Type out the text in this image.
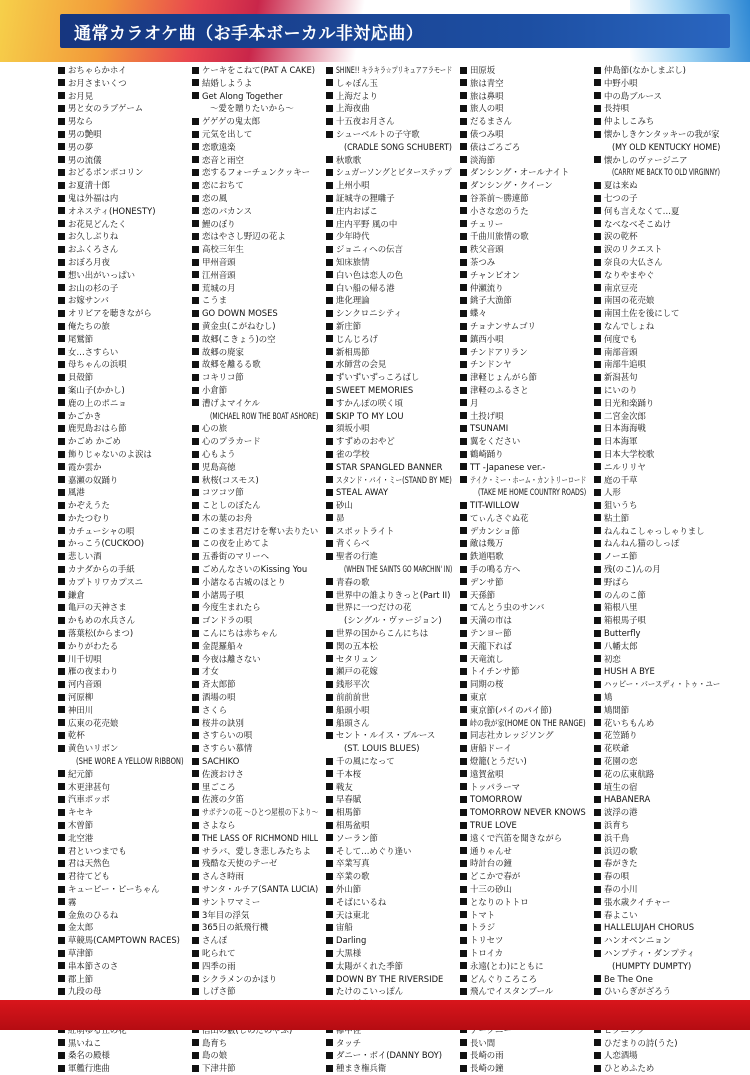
通常カラオケ曲（お手本ボーカル非対応曲）
おちゃらかホイ
お月さまいくつ
お月見
男と女のラブゲーム
男なら
男の艶唄
男の夢
男の流儀
おどるポンポコリン
お夏清十郎
鬼は外福は内
オネスティ(HONESTY)
お花見どんたく
お久しぶりね
おふくろさん
おぼろ月夜
想い出がいっぱい
お山の杉の子
お嫁サンバ
オリビアを聴きながら
俺たちの旅
尾鷲節
女…さすらい
母ちゃんの浜唄
貝殻節
案山子(かかし)
鹿の上のポニョ
かごかき
鹿児島おはら節
かごめ かごめ
飾りじゃないのよ涙は
霞か雲か
嘉瀬の奴踊り
風港
かぞえうた
かたつむり
カチューシャの唄
かっこう(CUCKOO)
悲しい酒
カナダからの手紙
カプトリワカプスニ
鎌倉
亀戸の天神さま
かもめの水兵さん
落葉松(からまつ)
かりがわたる
川千切唄
雁の夜まわり
河内音頭
河原柳
神田川
広東の花売娘
乾杯
黄色いリボン
(SHE WORE A YELLOW RIBBON)
紀元節
木更津甚句
汽車ポッポ
キセキ
木曽節
北空港
君といつまでも
君は天然色
君待てども
キューピー・ピーちゃん
霧
金魚のひるね
金太郎
草競馬(CAMPTOWN RACES)
草津節
串本節さのさ
郡上節
九段の母
黒いねこ
桑名の殿様
軍艦行進曲
ケーキをこねて(PAT A CAKE)
結婚しようよ
Get Along Together
〜愛を贈りたいから〜
ゲゲゲの鬼太郎
元気を出して
恋歌遠楽
恋音と雨空
恋するフォーチュンクッキー
恋におちて
恋の風
恋のバカンス
鯉のぼり
恋はやさし野辺の花よ
高校三年生
甲州音頭
江州音頭
荒城の月
こうま
GO DOWN MOSES
黄金虫(こがねむし)
故郷(こきょう)の空
故郷の廃家
故郷を離るる歌
コキリコ節
小倉節
漕げよマイケル
(MICHAEL ROW THE BOAT ASHORE)
心の旅
心のプラカード
心もよう
児島高徳
秋桜(コスモス)
コツコツ節
ことしのぼたん
木の葉のお舟
このまま君だけを奪い去りたい
この夜を止めてよ
五番街のマリーへ
ごめんなさいのKissing You
小諸なる古城のほとり
小諸馬子唄
今度生まれたら
ゴンドラの唄
こんにちは赤ちゃん
金毘羅船々
今夜は離さない
才女
斉太郎節
酒場の唄
さくら
桜井の訣別
さすらいの唄
さすらい慕情
SACHIKO
佐渡おけさ
里ごころ
佐渡の夕笛
サボテンの花 〜ひとつ屋根の下より〜
さよなら
THE LASS OF RICHMOND HILL
サラバ、愛しき悲しみたちよ
残酷な天使のテーゼ
さんさ時雨
サンタ・ルチア(SANTA LUCIA)
サントワマミー
3年目の浮気
365日の紙飛行機
さんぽ
叱られて
四季の雨
シクラメンのかほり
しげさ節
島育ち
島の娘
下津井節
SHINE!! キラキラ☆プリキュアアラモード
しゃぼん玉
上海だより
上海夜曲
十五夜お月さん
シューベルトの子守歌
(CRADLE SONG SCHUBERT)
秋歌歌
シュガーソングとビターステップ
上州小唄
証城寺の狸囃子
庄内おばこ
庄内平野 風の中
少年時代
ジョニィへの伝言
知床旅情
白い色は恋人の色
白い船の帰る港
進化理論
シンクロニシティ
新庄節
じんじろげ
新相馬節
水師営の会見
ずいずいずっころばし
SWEET MEMORIES
すかんぽの咲く頃
SKIP TO MY LOU
須坂小唄
すずめのおやど
雀の学校
STAR SPANGLED BANNER
スタンド・バイ・ミー(STAND BY ME)
STEAL AWAY
砂山
昴
スポットライト
背くらべ
聖者の行進
(WHEN THE SAINTS GO MARCHIN' IN)
青春の歌
世界中の誰よりきっと(Part II)
世界に一つだけの花
(シングル・ヴァージョン)
世界の国からこんにちは
関の五本松
セタリュン
瀬戸の花嫁
銭形平次
前前前世
船頭小唄
船頭さん
セント・ルイス・ブルース
(ST. LOUIS BLUES)
千の風になって
千本桜
戦友
早春賦
相馬節
相馬盆唄
ソーラン節
そして…めぐり逢い
卒業写真
卒業の歌
外山節
そばにいるね
天は東北
宙船
Darling
大黒様
太陽がくれた季節
DOWN BY THE RIVERSIDE
たけのこいっぽん
タッチ
ダニー・ボイ(DANNY BOY)
種まき権兵衛
田原坂
旅は青空
旅は鼻唄
旅人の唄
だるまさん
俵つみ唄
俵はごろごろ
淡海節
ダンシング・オールナイト
ダンシング・クイーン
谷茶前〜勝連節
小さな恋のうた
チェリー
千曲川旅情の歌
秩父音頭
茶つみ
チャンピオン
仲瀬流り
銚子大漁節
蝶々
チョナンサムゴリ
鎮西小唄
チンドアリラン
チンドンヤ
津軽じょんがら節
津軽のふるさと
月
土投げ唄
TSUNAMI
翼をください
鶴崎踊り
TT -Japanese ver.-
テイク・ミー・ホーム・カントリーロード
(TAKE ME HOME COUNTRY ROADS)
TIT-WILLOW
てぃんさぐぬ花
デカンショ節
敵は幾万
鉄道唱歌
手の鳴る方へ
デンサ節
天孫節
てんとう虫のサンバ
天満の市は
テンヨー節
天龍下れば
天竜流し
トイチンサ節
同期の桜
東京
東京節(パイのパイ節)
峠の我が家(HOME ON THE RANGE)
同志社カレッジソング
唐船ドーイ
燈籠(とうだい)
遠賀盆唄
トッパラーマ
TOMORROW
TOMORROW NEVER KNOWS
TRUE LOVE
遠くで汽笛を聞きながら
通りゃんせ
時計台の鐘
どこかで春が
十三の砂山
となりのトトロ
トマト
トラジ
トリセツ
トロイカ
永遠(とわ)にともに
どんぐりころころ
飛んでイスタンブール
長い間
長崎の雨
長崎の鐘
仲島節(なかしまぶし)
中野小唄
中の島ブルース
長持唄
仲よしこみち
懐かしきケンタッキーの我が家
(MY OLD KENTUCKY HOME)
懐かしのヴァージニア
(CARRY ME BACK TO OLD VIRGINNY)
夏は来ぬ
七つの子
何も言えなくて…夏
なべなべそこぬけ
涙の乾杯
涙のリクエスト
奈良の大仏さん
なりやまやぐ
南京豆売
南国の花売娘
南国土佐を後にして
なんでしょね
何度でも
南部音頭
南部牛追唄
新潟甚句
にいのり
日光和楽踊り
二宮金次郎
日本海海戦
日本海軍
日本大学校歌
ニルリリヤ
庭の千草
人形
狙いうち
粘土節
ねんねこしゃっしゃりまし
ねんねん猫のしっぽ
ノーエ節
残(のこ)んの月
野ばら
のんのこ節
箱根八里
箱根馬子唄
Butterfly
八幡太郎
初恋
HUSH A BYE
ハッピー・バースディ・トゥ・ユー
鳩
鳩間節
花いちもんめ
花笠踊り
花咲爺
花園の恋
花の広東航路
埴生の宿
HABANERA
波浮の港
浜育ち
浜千鳥
浜辺の歌
春がきた
春の唄
春の小川
張水歳クイチャー
春よこい
HALLELUJAH CHORUS
ハンオベンニョン
ハンプティ・ダンプティ
(HUMPTY DUMPTY)
Be The One
ひいらぎがざろう
ひだまりの詩(うた)
人恋酒場
ひとめふため
